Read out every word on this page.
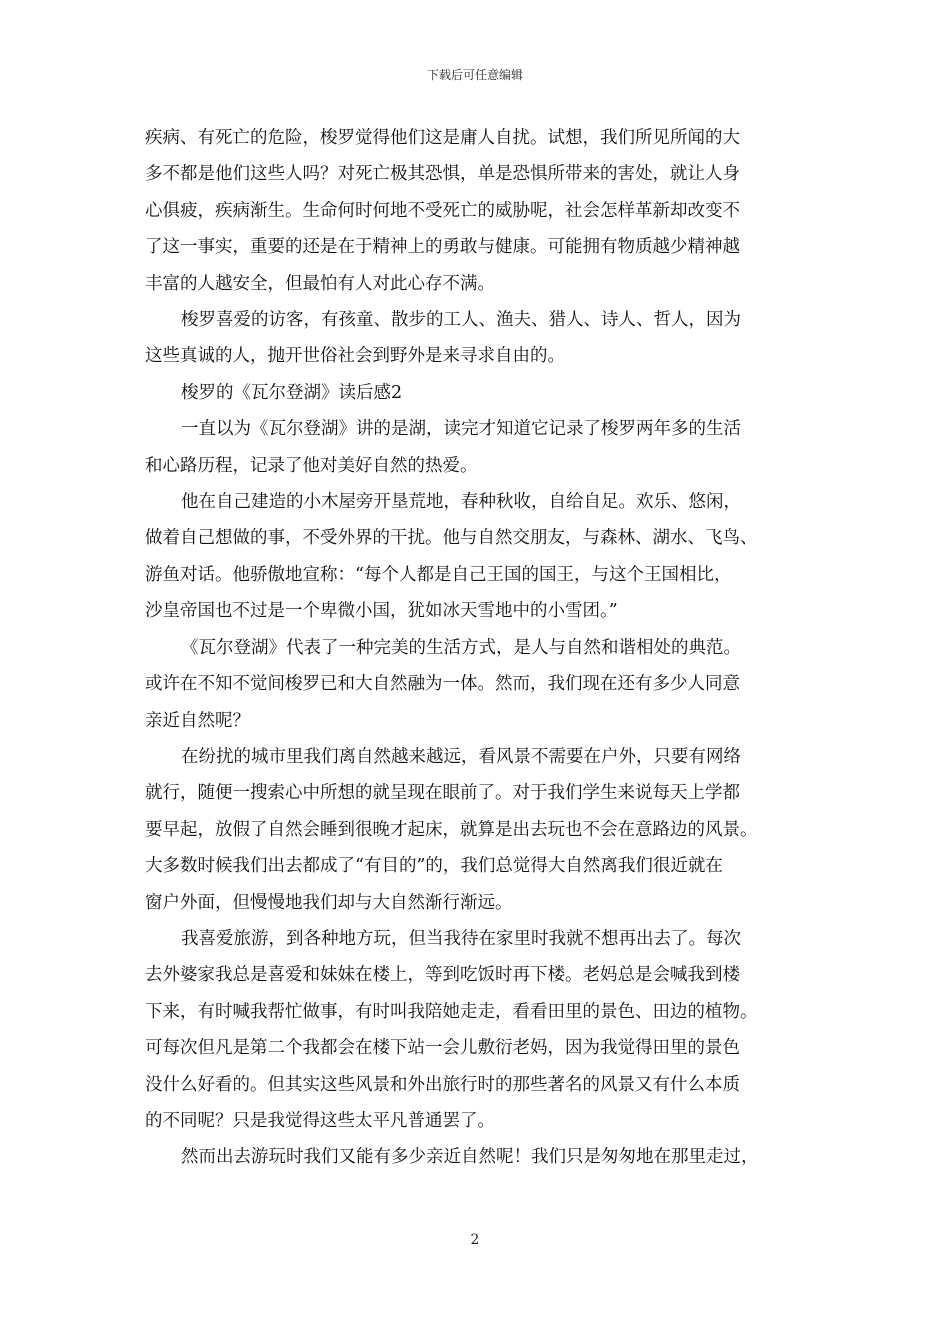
下载后可任意编辑

疾病、有死亡的危险，梭罗觉得他们这是庸人自扰。试想，我们所见所闻的大
多不都是他们这些人吗？对死亡极其恐惧，单是恐惧所带来的害处，就让人身
心俱疲，疾病渐生。生命何时何地不受死亡的威胁呢，社会怎样革新却改变不
了这一事实，重要的还是在于精神上的勇敢与健康。可能拥有物质越少精神越
丰富的人越安全，但最怕有人对此心存不满。

梭罗喜爱的访客，有孩童、散步的工人、渔夫、猎人、诗人、哲人，因为
这些真诚的人，抛开世俗社会到野外是来寻求自由的。

梭罗的《瓦尔登湖》读后感2

一直以为《瓦尔登湖》讲的是湖，读完才知道它记录了梭罗两年多的生活
和心路历程，记录了他对美好自然的热爱。

他在自己建造的小木屋旁开垦荒地，春种秋收，自给自足。欢乐、悠闲，
做着自己想做的事，不受外界的干扰。他与自然交朋友，与森林、湖水、飞鸟、
游鱼对话。他骄傲地宣称：“每个人都是自己王国的国王，与这个王国相比，
沙皇帝国也不过是一个卑微小国，犹如冰天雪地中的小雪团。”

《瓦尔登湖》代表了一种完美的生活方式，是人与自然和谐相处的典范。
或许在不知不觉间梭罗已和大自然融为一体。然而，我们现在还有多少人同意
亲近自然呢？

在纷扰的城市里我们离自然越来越远，看风景不需要在户外，只要有网络
就行，随便一搜索心中所想的就呈现在眼前了。对于我们学生来说每天上学都
要早起，放假了自然会睡到很晚才起床，就算是出去玩也不会在意路边的风景。
大多数时候我们出去都成了“有目的”的，我们总觉得大自然离我们很近就在
窗户外面，但慢慢地我们却与大自然渐行渐远。

我喜爱旅游，到各种地方玩，但当我待在家里时我就不想再出去了。每次
去外婆家我总是喜爱和妹妹在楼上，等到吃饭时再下楼。老妈总是会喊我到楼
下来，有时喊我帮忙做事，有时叫我陪她走走，看看田里的景色、田边的植物。
可每次但凡是第二个我都会在楼下站一会儿敷衍老妈，因为我觉得田里的景色
没什么好看的。但其实这些风景和外出旅行时的那些著名的风景又有什么本质
的不同呢？只是我觉得这些太平凡普通罢了。

然而出去游玩时我们又能有多少亲近自然呢！我们只是匆匆地在那里走过，

2
